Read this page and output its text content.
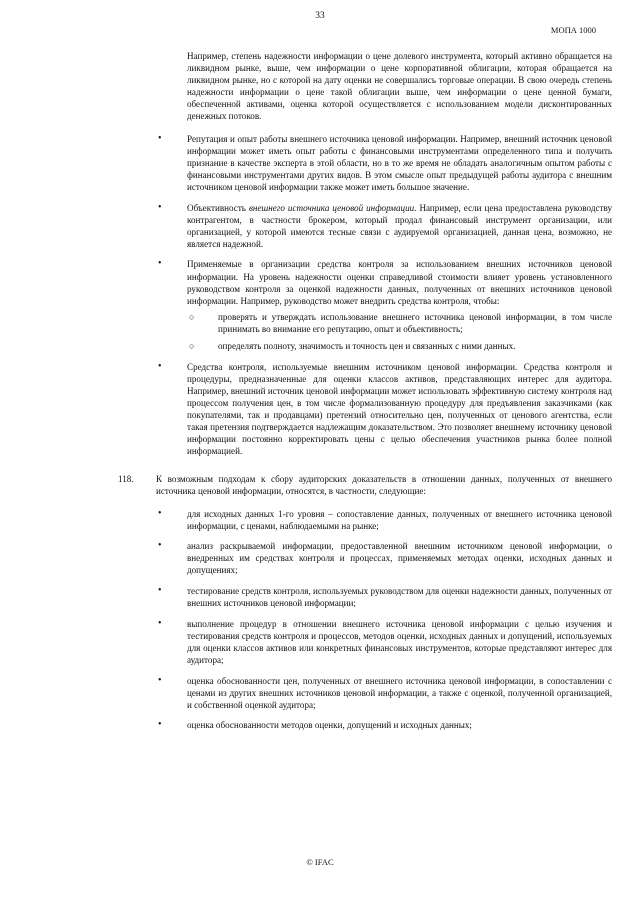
33
МОПА 1000

Например, степень надежности информации о цене долевого инструмента, который активно обращается на ликвидном рынке, выше, чем информации о цене корпоративной облигации, которая обращается на ликвидном рынке, но с которой на дату оценки не совершались торговые операции. В свою очередь степень надежности информации о цене такой облигации выше, чем информации о цене ценной бумаги, обеспеченной активами, оценка которой осуществляется с использованием модели дисконтированных денежных потоков.

•	Репутация и опыт работы внешнего источника ценовой информации. Например, внешний источник ценовой информации может иметь опыт работы с финансовыми инструментами определенного типа и получить признание в качестве эксперта в этой области, но в то же время не обладать аналогичным опытом работы с финансовыми инструментами других видов. В этом смысле опыт предыдущей работы аудитора с внешним источником ценовой информации также может иметь большое значение.

•	Объективность внешнего источника ценовой информации. Например, если цена предоставлена руководству контрагентом, в частности брокером, который продал финансовый инструмент организации, или организацией, у которой имеются тесные связи с аудируемой организацией, данная цена, возможно, не является надежной.

•	Применяемые в организации средства контроля за использованием внешних источников ценовой информации. На уровень надежности оценки справедливой стоимости влияет уровень установленного руководством контроля за оценкой надежности данных, полученных от внешних источников ценовой информации. Например, руководство может внедрить средства контроля, чтобы:

○	проверять и утверждать использование внешнего источника ценовой информации, в том числе принимать во внимание его репутацию, опыт и объективность;

○	определять полноту, значимость и точность цен и связанных с ними данных.

•	Средства контроля, используемые внешним источником ценовой информации. Средства контроля и процедуры, предназначенные для оценки классов активов, представляющих интерес для аудитора. Например, внешний источник ценовой информации может использовать эффективную систему контроля над процессом получения цен, в том числе формализованную процедуру для предъявления заказчиками (как покупателями, так и продавцами) претензий относительно цен, полученных от ценового агентства, если такая претензия подтверждается надлежащим доказательством. Это позволяет внешнему источнику ценовой информации постоянно корректировать цены с целью обеспечения участников рынка более полной информацией.

118. К возможным подходам к сбору аудиторских доказательств в отношении данных, полученных от внешнего источника ценовой информации, относятся, в частности, следующие:

•	для исходных данных 1-го уровня – сопоставление данных, полученных от внешнего источника ценовой информации, с ценами, наблюдаемыми на рынке;

•	анализ раскрываемой информации, предоставленной внешним источником ценовой информации, о внедренных им средствах контроля и процессах, применяемых методах оценки, исходных данных и допущениях;

•	тестирование средств контроля, используемых руководством для оценки надежности данных, полученных от внешних источников ценовой информации;

•	выполнение процедур в отношении внешнего источника ценовой информации с целью изучения и тестирования средств контроля и процессов, методов оценки, исходных данных и допущений, используемых для оценки классов активов или конкретных финансовых инструментов, которые представляют интерес для аудитора;

•	оценка обоснованности цен, полученных от внешнего источника ценовой информации, в сопоставлении с ценами из других внешних источников ценовой информации, а также с оценкой, полученной организацией, и собственной оценкой аудитора;

•	оценка обоснованности методов оценки, допущений и исходных данных;

© IFAC
